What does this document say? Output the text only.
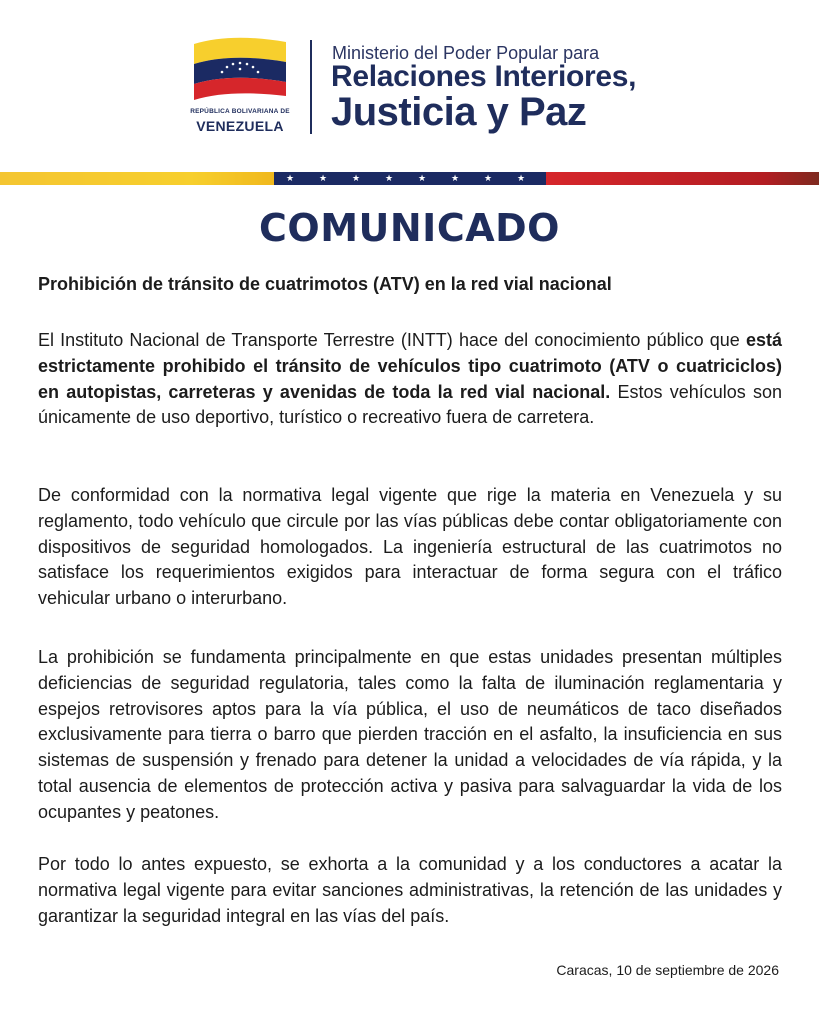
REPÚBLICA BOLIVARIANA DE
VENEZUELA
Ministerio del Poder Popular para
Relaciones Interiores,
Justicia y Paz
★	★	★	★	★	★	★	★
COMUNICADO
Prohibición de tránsito de cuatrimotos (ATV) en la red vial nacional
El Instituto Nacional de Transporte Terrestre (INTT) hace del conocimiento público que está estrictamente prohibido el tránsito de vehículos tipo cuatrimoto (ATV o cuatriciclos) en autopistas, carreteras y avenidas de toda la red vial nacional. Estos vehículos son únicamente de uso deportivo, turístico o recreativo fuera de carretera.
De conformidad con la normativa legal vigente que rige la materia en Venezuela y su reglamento, todo vehículo que circule por las vías públicas debe contar obligatoriamente con dispositivos de seguridad homologados. La ingeniería estructural de las cuatrimotos no satisface los requerimientos exigidos para interactuar de forma segura con el tráfico vehicular urbano o interurbano.
La prohibición se fundamenta principalmente en que estas unidades presentan múltiples deficiencias de seguridad regulatoria, tales como la falta de iluminación reglamentaria y espejos retrovisores aptos para la vía pública, el uso de neumáticos de taco diseñados exclusivamente para tierra o barro que pierden tracción en el asfalto, la insuficiencia en sus sistemas de suspensión y frenado para detener la unidad a velocidades de vía rápida, y la total ausencia de elementos de protección activa y pasiva para salvaguardar la vida de los ocupantes y peatones.
Por todo lo antes expuesto, se exhorta a la comunidad y a los conductores a acatar la normativa legal vigente para evitar sanciones administrativas, la retención de las unidades y garantizar la seguridad integral en las vías del país.
Caracas, 10 de septiembre de 2026
